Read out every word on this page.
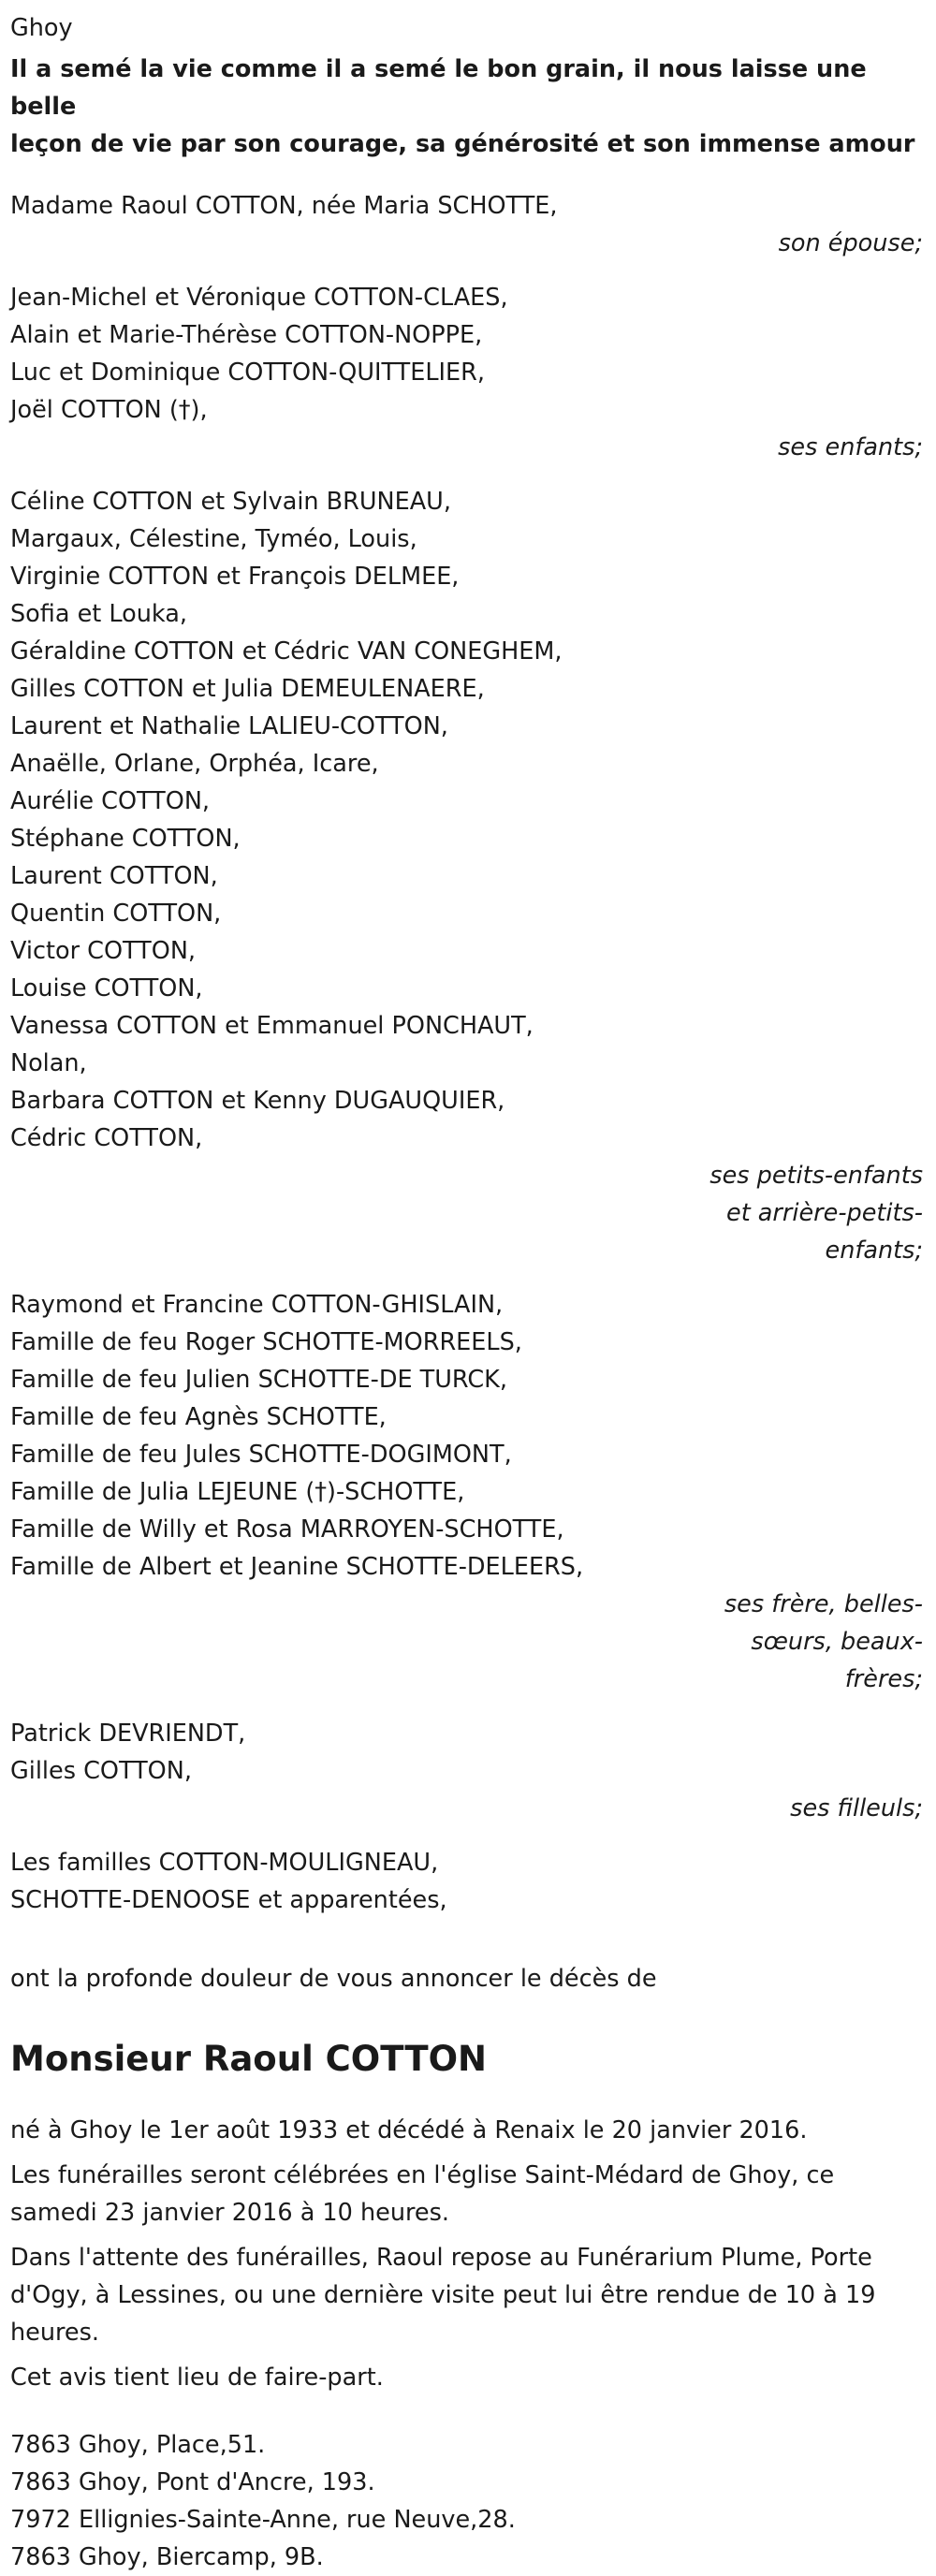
Ghoy

Il a semé la vie comme il a semé le bon grain, il nous laisse une belle

leçon de vie par son courage, sa générosité et son immense amour

Madame Raoul COTTON, née Maria SCHOTTE,

son épouse;

Jean-Michel et Véronique COTTON-CLAES,

Alain et Marie-Thérèse COTTON-NOPPE,

Luc et Dominique COTTON-QUITTELIER,

Joël COTTON (†),

ses enfants;

Céline COTTON et Sylvain BRUNEAU,

Margaux, Célestine, Tyméo, Louis,

Virginie COTTON et François DELMEE,

Sofia et Louka,

Géraldine COTTON et Cédric VAN CONEGHEM,

Gilles COTTON et Julia DEMEULENAERE,

Laurent et Nathalie LALIEU-COTTON,

Anaëlle, Orlane, Orphéa, Icare,

Aurélie COTTON,

Stéphane COTTON,

Laurent COTTON,

Quentin COTTON,

Victor COTTON,

Louise COTTON,

Vanessa COTTON et Emmanuel PONCHAUT,

Nolan,

Barbara COTTON et Kenny DUGAUQUIER,

Cédric COTTON,

ses petits-enfants
et arrière-petits-
enfants;

Raymond et Francine COTTON-GHISLAIN,

Famille de feu Roger SCHOTTE-MORREELS,

Famille de feu Julien SCHOTTE-DE TURCK,

Famille de feu Agnès SCHOTTE,

Famille de feu Jules SCHOTTE-DOGIMONT,

Famille de Julia LEJEUNE (†)-SCHOTTE,

Famille de Willy et Rosa MARROYEN-SCHOTTE,

Famille de Albert et Jeanine SCHOTTE-DELEERS,

ses frère, belles-
sœurs, beaux-
frères;

Patrick DEVRIENDT,

Gilles COTTON,

ses filleuls;

Les familles COTTON-MOULIGNEAU,

SCHOTTE-DENOOSE et apparentées,

ont la profonde douleur de vous annoncer le décès de

Monsieur Raoul COTTON

né à Ghoy le 1er août 1933 et décédé à Renaix le 20 janvier 2016.

Les funérailles seront célébrées en l'église Saint-Médard de Ghoy, ce samedi 23 janvier 2016 à 10 heures.

Dans l'attente des funérailles, Raoul repose au Funérarium Plume, Porte d'Ogy, à Lessines, ou une dernière visite peut lui être rendue de 10 à 19 heures.

Cet avis tient lieu de faire-part.

7863 Ghoy, Place,51.

7863 Ghoy, Pont d'Ancre, 193.

7972 Ellignies-Sainte-Anne, rue Neuve,28.

7863 Ghoy, Biercamp, 9B.
